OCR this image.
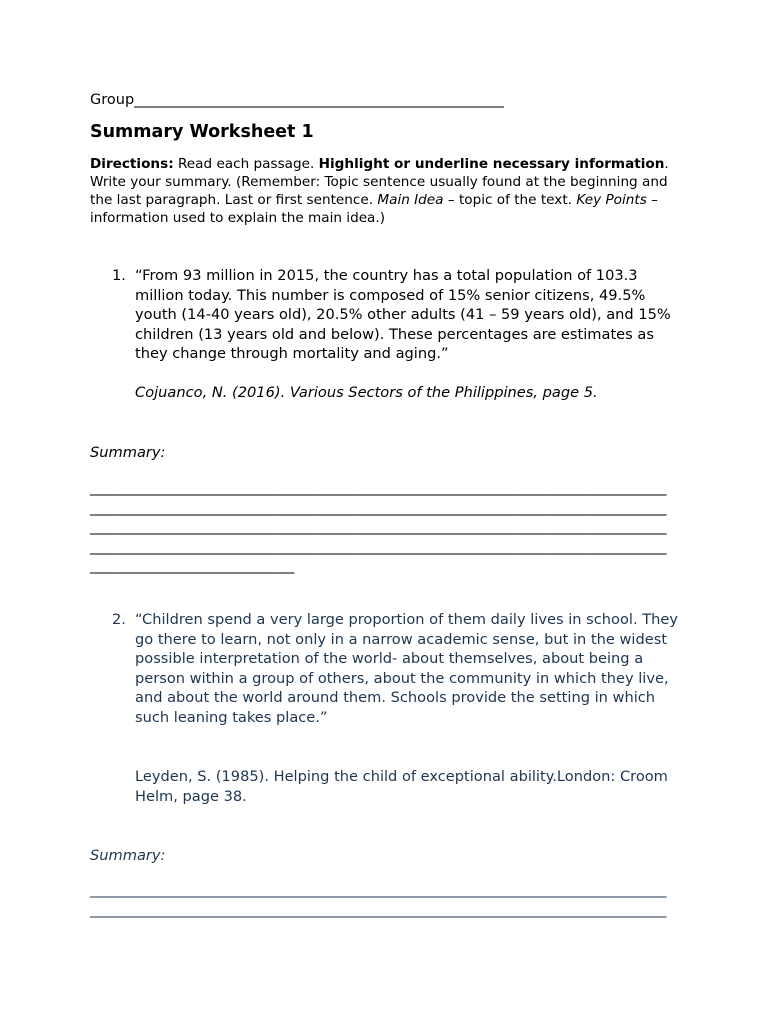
Group___________________________________________________
Summary Worksheet 1
Directions: Read each passage. Highlight or underline necessary information. Write your summary. (Remember: Topic sentence usually found at the beginning and the last paragraph. Last or first sentence. Main Idea – topic of the text. Key Points – information used to explain the main idea.)
1. “From 93 million in 2015, the country has a total population of 103.3 million today. This number is composed of 15% senior citizens, 49.5% youth (14-40 years old), 20.5% other adults (41 – 59 years old), and 15% children (13 years old and below). These percentages are estimates as they change through mortality and aging.”
Cojuanco, N. (2016). Various Sectors of the Philippines, page 5.
Summary:
_______________________________________________________________________________
_______________________________________________________________________________
_______________________________________________________________________________
_______________________________________________________________________________
____________________________
2. “Children spend a very large proportion of them daily lives in school. They go there to learn, not only in a narrow academic sense, but in the widest possible interpretation of the world- about themselves, about being a person within a group of others, about the community in which they live, and about the world around them. Schools provide the setting in which such leaning takes place.”
Leyden, S. (1985). Helping the child of exceptional ability.London: Croom Helm, page 38.
Summary:
_______________________________________________________________________________
_______________________________________________________________________________
